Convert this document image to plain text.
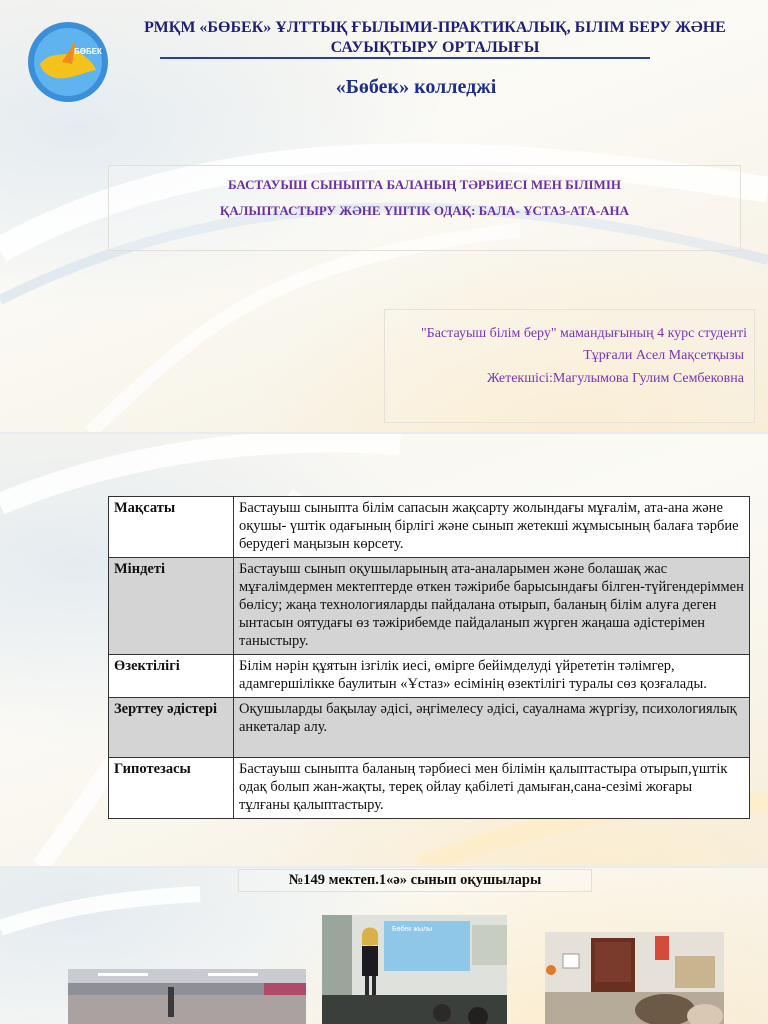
БӨБЕК
РМҚМ «БӨБЕК» ҰЛТТЫҚ ҒЫЛЫМИ-ПРАКТИКАЛЫҚ, БІЛІМ БЕРУ ЖӘНЕ САУЫҚТЫРУ ОРТАЛЫҒЫ
«Бөбек» колледжі
БАСТАУЫШ СЫНЫПТА БАЛАНЫҢ ТӘРБИЕСІ МЕН БІЛІМІН
ҚАЛЫПТАСТЫРУ ЖӘНЕ ҮШТІК ОДАҚ: БАЛА- ҰСТАЗ-АТА-АНА
"Бастауыш білім беру" мамандығының 4 курс студенті
Тұрғали Асел Мақсетқызы
Жетекшісі:Магулымова Гулим Сембековна
Мақсаты	Бастауыш сыныпта білім сапасын жақсарту жолындағы мұғалім, ата-ана және оқушы- үштік одағының бірлігі және сынып жетекші жұмысының балаға тәрбие берудегі маңызын көрсету.
Міндеті	Бастауыш сынып оқушыларының ата-аналарымен және болашақ жас мұғалімдермен мектептерде өткен тәжірибе барысындағы білген-түйгендеріммен бөлісу; жаңа технологияларды пайдалана отырып, баланың білім алуға деген ынтасын оятудағы өз тәжірибемде пайдаланып жүрген жаңаша әдістерімен таныстыру.
Өзектілігі	Білім нәрін құятын ізгілік иесі, өмірге бейімделуді үйрететін тәлімгер, адамгершілікке баулитын «Ұстаз» есімінің өзектілігі туралы сөз қозғалады.
Зерттеу әдістері	Оқушыларды бақылау әдісі, әңгімелесу әдісі, сауалнама жүргізу, психологиялық анкеталар алу.
Гипотезасы	Бастауыш сыныпта баланың тәрбиесі мен білімін қалыптастыра отырып,үштік одақ болып жан-жақты, тереқ ойлау қабілеті дамыған,сана-сезімі жоғары тұлғаны қалыптастыру.
№149 мектеп.1«ә» сынып оқушылары
Бөбек жылы
